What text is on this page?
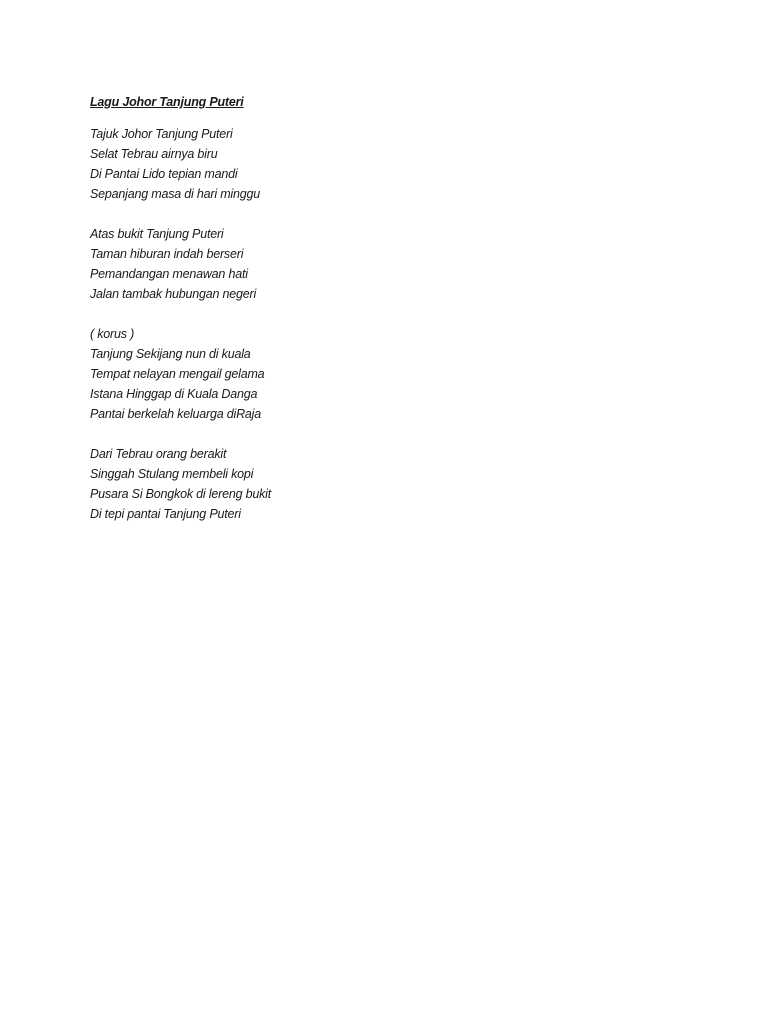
Lagu Johor Tanjung Puteri
Tajuk Johor Tanjung Puteri
Selat Tebrau airnya biru
Di Pantai Lido tepian mandi
Sepanjang masa di hari minggu
Atas bukit Tanjung Puteri
Taman hiburan indah berseri
Pemandangan menawan hati
Jalan tambak hubungan negeri
( korus )
Tanjung Sekijang nun di kuala
Tempat nelayan mengail gelama
Istana Hinggap di Kuala Danga
Pantai berkelah keluarga diRaja
Dari Tebrau orang berakit
Singgah Stulang membeli kopi
Pusara Si Bongkok di lereng bukit
Di tepi pantai Tanjung Puteri
